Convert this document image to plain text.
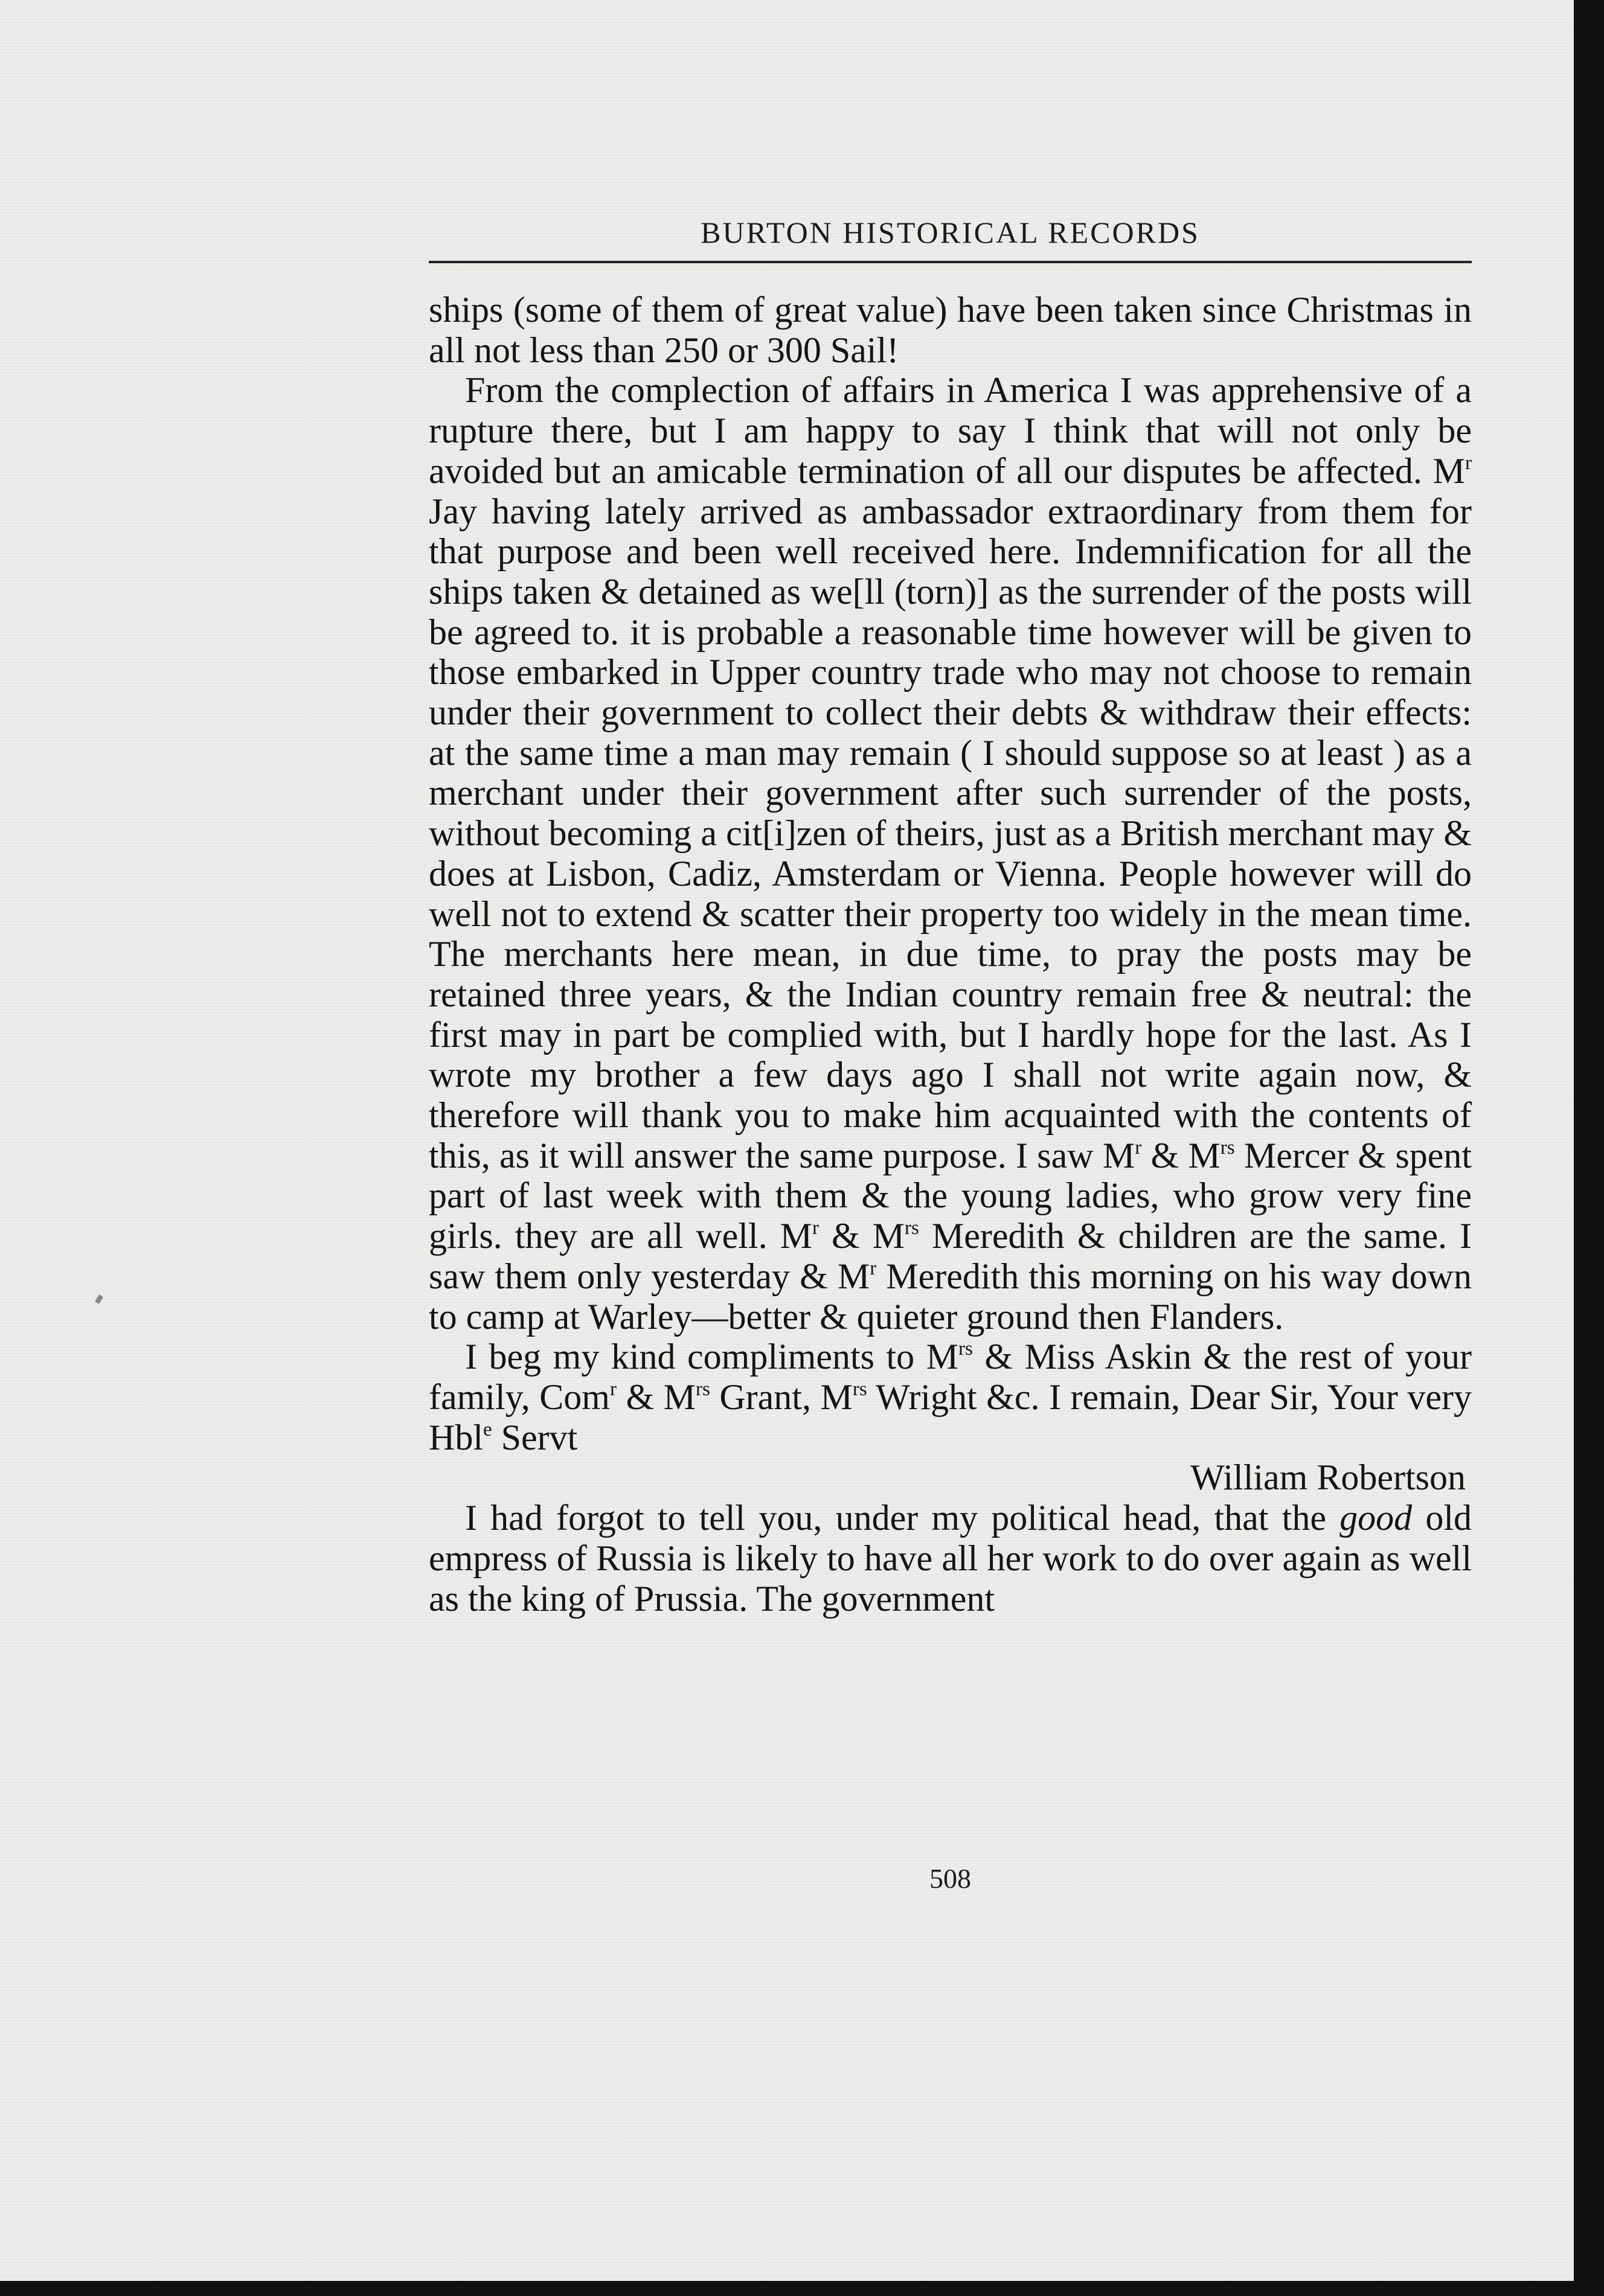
BURTON HISTORICAL RECORDS

ships (some of them of great value) have been taken since Christmas in all not less than 250 or 300 Sail!

From the complection of affairs in America I was apprehensive of a rupture there, but I am happy to say I think that will not only be avoided but an amicable termination of all our disputes be affected. $M^r$ Jay having lately arrived as ambassador extraordinary from them for that purpose and been well received here. Indemnification for all the ships taken & detained as we[ll (torn)] as the surrender of the posts will be agreed to. it is probable a reasonable time however will be given to those embarked in Upper country trade who may not choose to remain under their government to collect their debts & withdraw their effects: at the same time a man may remain ( I should suppose so at least ) as a merchant under their government after such surrender of the posts, without becoming a cit[i]zen of theirs, just as a British merchant may & does at Lisbon, Cadiz, Amsterdam or Vienna. People however will do well not to extend & scatter their property too widely in the mean time. The merchants here mean, in due time, to pray the posts may be retained three years, & the Indian country remain free & neutral: the first may in part be complied with, but I hardly hope for the last. As I wrote my brother a few days ago I shall not write again now, & therefore will thank you to make him acquainted with the contents of this, as it will answer the same purpose. I saw $M^r$ & $M^{rs}$ Mercer & spent part of last week with them & the young ladies, who grow very fine girls. they are all well. $M^r$ & $M^{rs}$ Meredith & children are the same. I saw them only yesterday & $M^r$ Meredith this morning on his way down to camp at Warley—better & quieter ground then Flanders.

I beg my kind compliments to $M^{rs}$ & Miss Askin & the rest of your family, Com$^r$ & $M^{rs}$ Grant, $M^{rs}$ Wright &c. I remain, Dear Sir, Your very Hbl$^e$ Servt

William Robertson

I had forgot to tell you, under my political head, that the good old empress of Russia is likely to have all her work to do over again as well as the king of Prussia. The government

508
